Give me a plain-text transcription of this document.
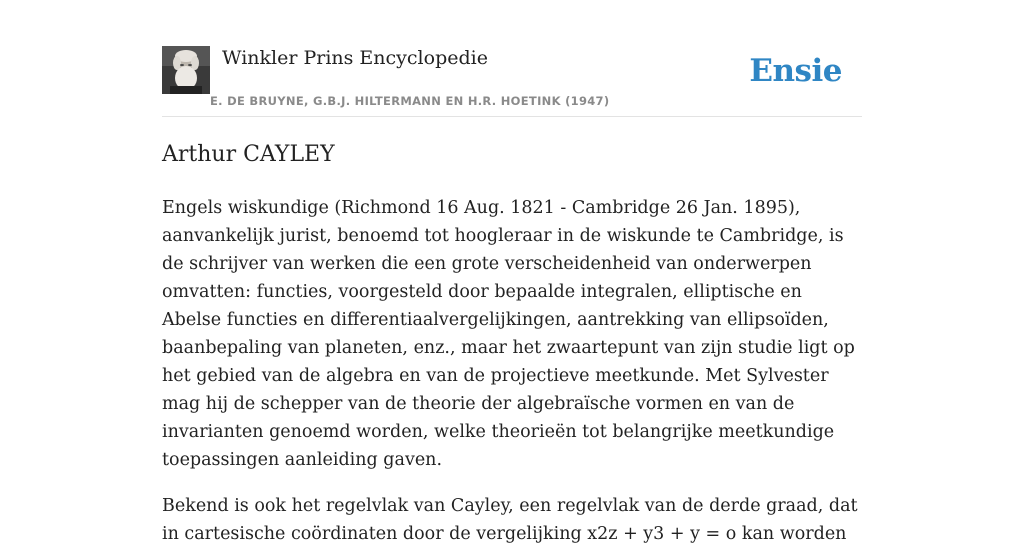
Winkler Prins Encyclopedie
E. DE BRUYNE, G.B.J. HILTERMANN EN H.R. HOETINK (1947)
Ensie
Arthur CAYLEY

Engels wiskundige (Richmond 16 Aug. 1821 - Cambridge 26 Jan. 1895), aanvankelijk jurist, benoemd tot hoogleraar in de wiskunde te Cambridge, is de schrijver van werken die een grote verscheidenheid van onderwerpen omvatten: functies, voorgesteld door bepaalde integralen, elliptische en Abelse functies en differentiaalvergelijkingen, aantrekking van ellipsoïden, baanbepaling van planeten, enz., maar het zwaartepunt van zijn studie ligt op het gebied van de algebra en van de projectieve meetkunde. Met Sylvester mag hij de schepper van de theorie der algebraïsche vormen en van de invarianten genoemd worden, welke theorieën tot belangrijke meetkundige toepassingen aanleiding gaven.

Bekend is ook het regelvlak van Cayley, een regelvlak van de derde graad, dat in cartesische coördinaten door de vergelijking x2z + y3 + y = o kan worden
